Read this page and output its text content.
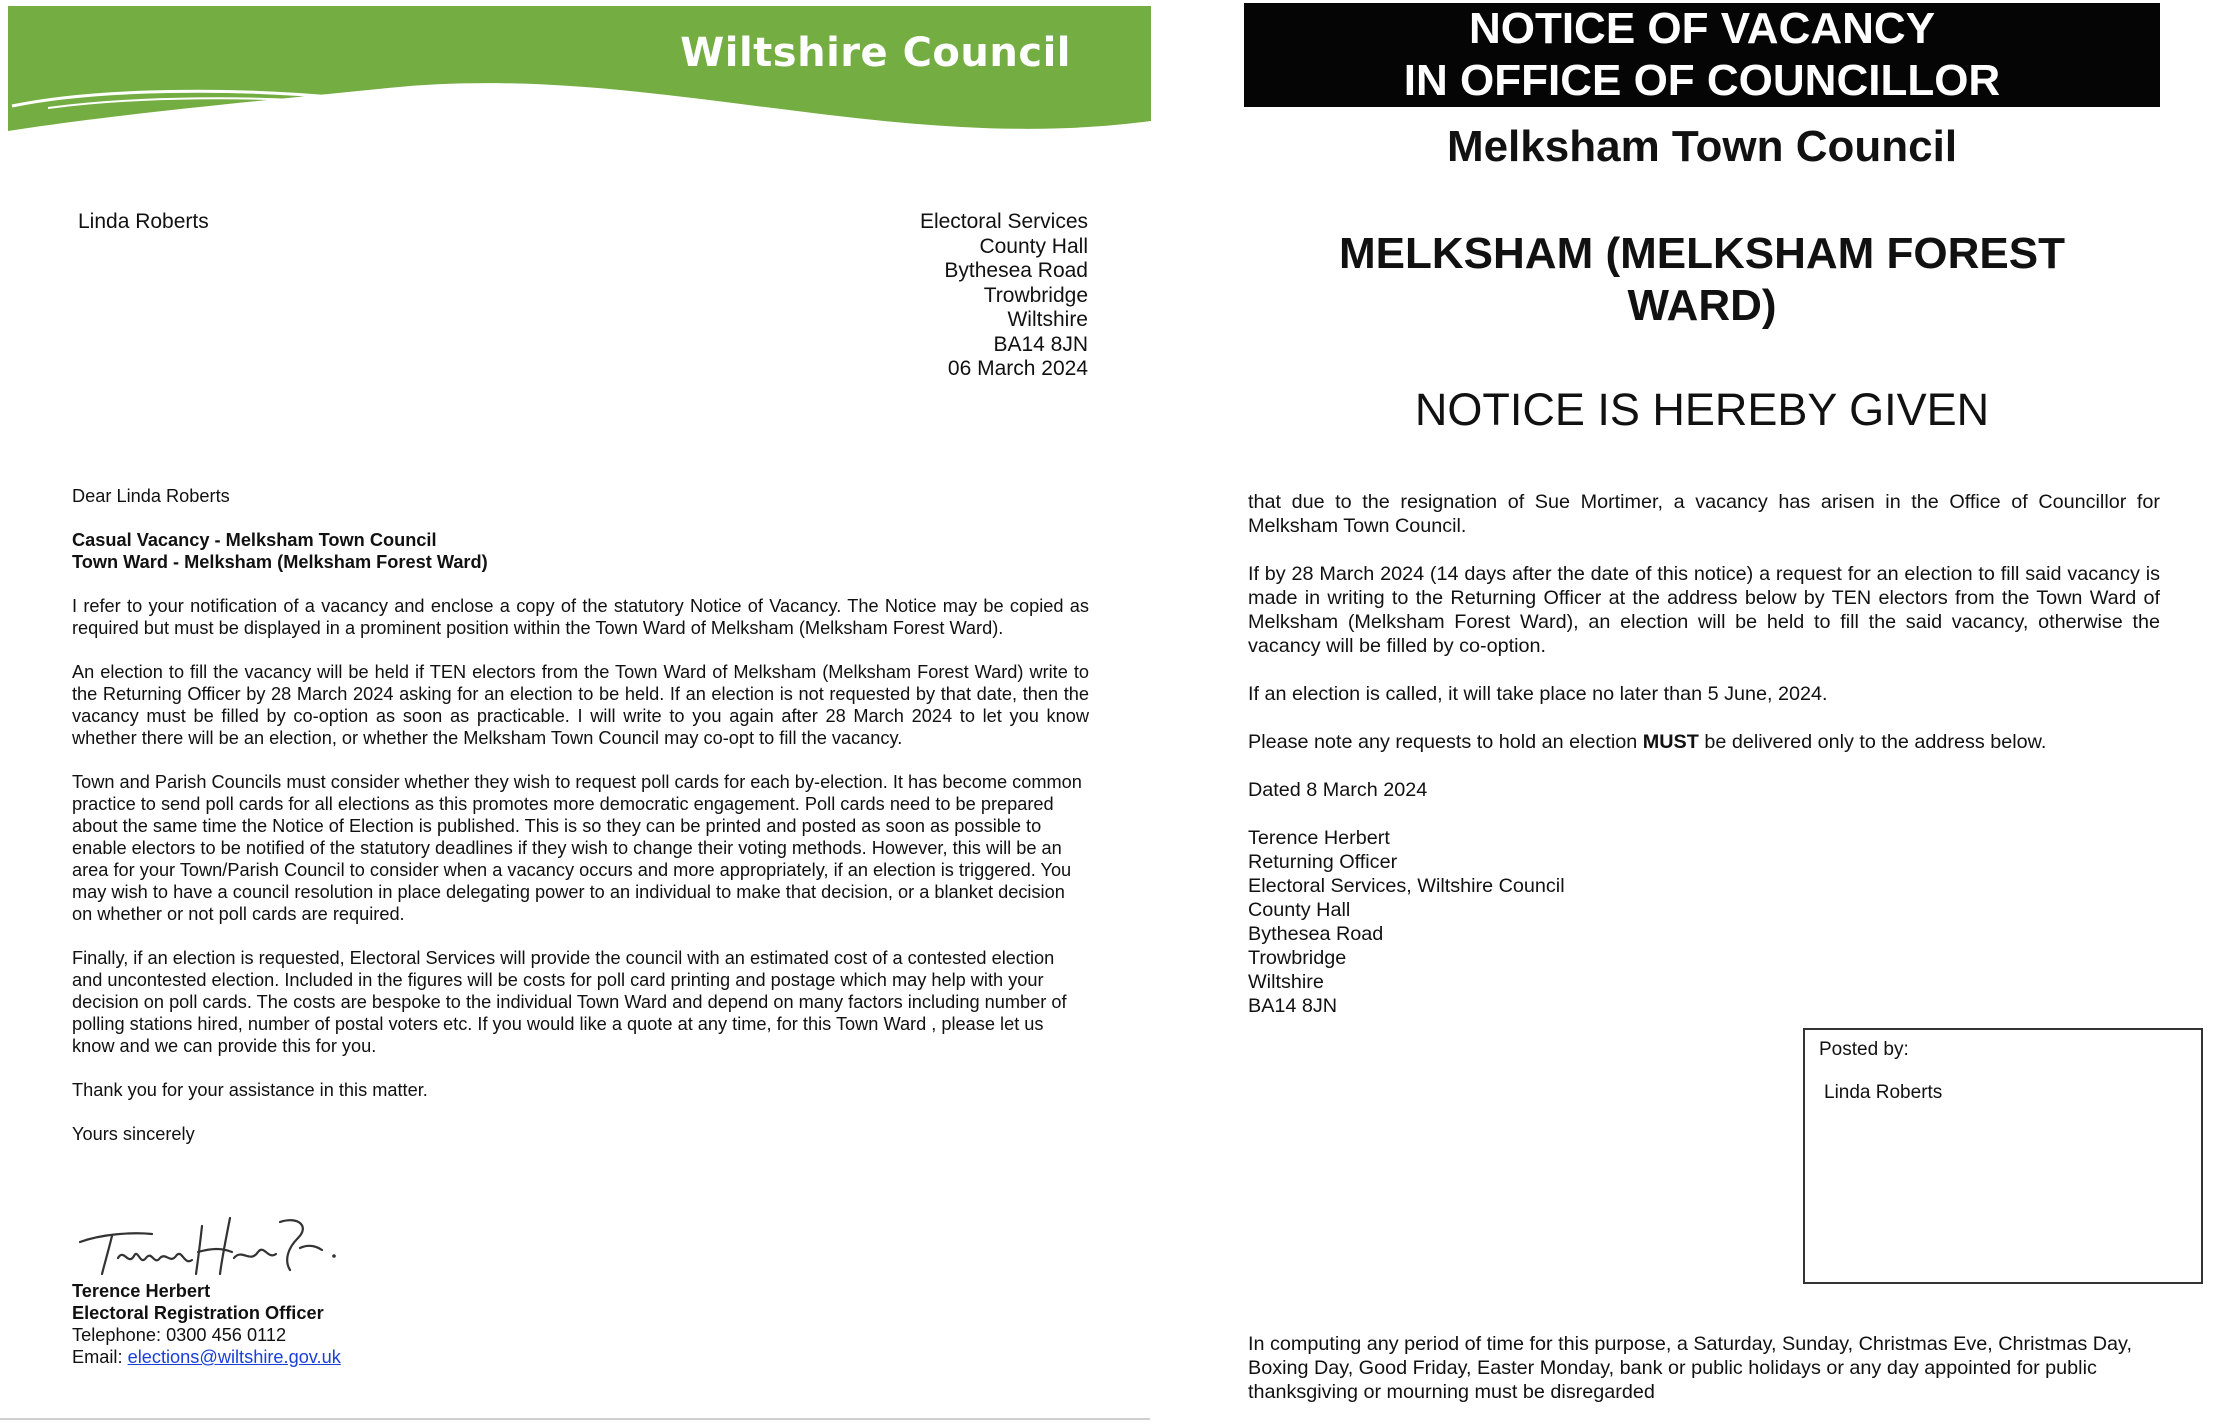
Wiltshire Council
Linda Roberts	Electoral Services
County Hall
Bythesea Road
Trowbridge
Wiltshire
BA14 8JN
06 March 2024

Dear Linda Roberts

Casual Vacancy - Melksham Town Council
Town Ward - Melksham (Melksham Forest Ward)

I refer to your notification of a vacancy and enclose a copy of the statutory Notice of Vacancy. The Notice may be copied as required but must be displayed in a prominent position within the Town Ward of Melksham (Melksham Forest Ward).

An election to fill the vacancy will be held if TEN electors from the Town Ward of Melksham (Melksham Forest Ward) write to the Returning Officer by 28 March 2024 asking for an election to be held. If an election is not requested by that date, then the vacancy must be filled by co-option as soon as practicable. I will write to you again after 28 March 2024 to let you know whether there will be an election, or whether the Melksham Town Council may co-opt to fill the vacancy.

Town and Parish Councils must consider whether they wish to request poll cards for each by-election. It has become common practice to send poll cards for all elections as this promotes more democratic engagement. Poll cards need to be prepared about the same time the Notice of Election is published. This is so they can be printed and posted as soon as possible to enable electors to be notified of the statutory deadlines if they wish to change their voting methods. However, this will be an area for your Town/Parish Council to consider when a vacancy occurs and more appropriately, if an election is triggered. You may wish to have a council resolution in place delegating power to an individual to make that decision, or a blanket decision on whether or not poll cards are required.

Finally, if an election is requested, Electoral Services will provide the council with an estimated cost of a contested election and uncontested election. Included in the figures will be costs for poll card printing and postage which may help with your decision on poll cards. The costs are bespoke to the individual Town Ward and depend on many factors including number of polling stations hired, number of postal voters etc. If you would like a quote at any time, for this Town Ward , please let us know and we can provide this for you.

Thank you for your assistance in this matter.

Yours sincerely

Terence Herbert
Electoral Registration Officer
Telephone: 0300 456 0112
Email: elections@wiltshire.gov.uk
NOTICE OF VACANCY
IN OFFICE OF COUNCILLOR
Melksham Town Council
MELKSHAM (MELKSHAM FOREST
WARD)
NOTICE IS HEREBY GIVEN

that due to the resignation of Sue Mortimer, a vacancy has arisen in the Office of Councillor for Melksham Town Council.

If by 28 March 2024 (14 days after the date of this notice) a request for an election to fill said vacancy is made in writing to the Returning Officer at the address below by TEN electors from the Town Ward of Melksham (Melksham Forest Ward), an election will be held to fill the said vacancy, otherwise the vacancy will be filled by co-option.

If an election is called, it will take place no later than 5 June, 2024.

Please note any requests to hold an election MUST be delivered only to the address below.

Dated 8 March 2024

Terence Herbert
Returning Officer
Electoral Services, Wiltshire Council
County Hall
Bythesea Road
Trowbridge
Wiltshire
BA14 8JN
Posted by:
Linda Roberts
In computing any period of time for this purpose, a Saturday, Sunday, Christmas Eve, Christmas Day, Boxing Day, Good Friday, Easter Monday, bank or public holidays or any day appointed for public thanksgiving or mourning must be disregarded
